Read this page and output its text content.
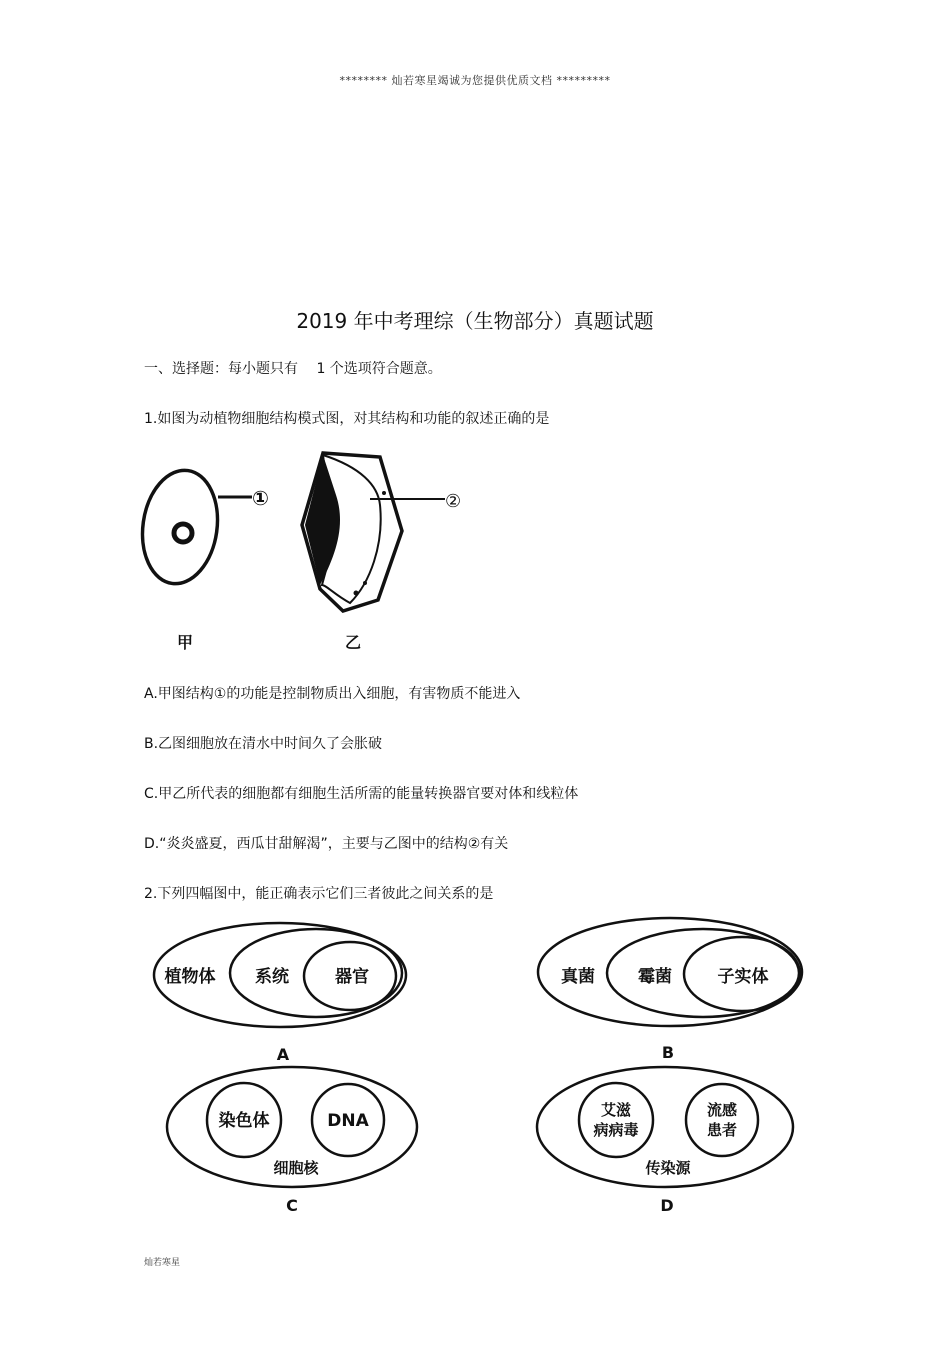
******** 灿若寒星竭诚为您提供优质文档 *********
2019 年中考理综（生物部分）真题试题
一、选择题：每小题只有　 1 个选项符合题意。
1.如图为动植物细胞结构模式图，对其结构和功能的叙述正确的是
①	②
甲	乙
A.甲图结构①的功能是控制物质出入细胞，有害物质不能进入
B.乙图细胞放在清水中时间久了会胀破
C.甲乙所代表的细胞都有细胞生活所需的能量转换器官要对体和线粒体
D.“炎炎盛夏，西瓜甘甜解渴”，主要与乙图中的结构②有关
2.下列四幅图中，能正确表示它们三者彼此之间关系的是
植物体 系统	器官
A
真菌	霉菌	子实体
B
染色体	DNA
细胞核
C
艾滋
病病毒
流感
患者
传染源
D
灿若寒星
